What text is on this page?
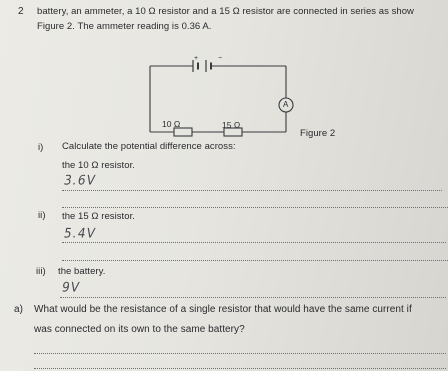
2 battery, an ammeter, a 10 Ω resistor and a 15 Ω resistor are connected in series as show
Figure 2. The ammeter reading is 0.36 A.
+	−
A
10 Ω	15 Ω
Figure 2
i) Calculate the potential difference across:
the 10 Ω resistor.
3.6V
ii) the 15 Ω resistor.
5.4V
iii) the battery.
9V
a) What would be the resistance of a single resistor that would have the same current if
was connected on its own to the same battery?
